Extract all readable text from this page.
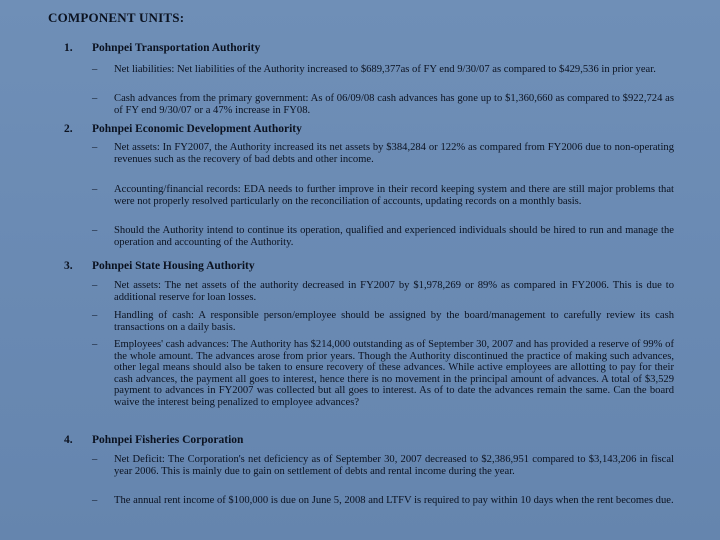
COMPONENT UNITS:
1. Pohnpei Transportation Authority
– Net liabilities: Net liabilities of the Authority increased to $689,377as of FY end 9/30/07 as compared to $429,536 in prior year.
– Cash advances from the primary government: As of 06/09/08 cash advances has gone up to $1,360,660 as compared to $922,724 as of FY end 9/30/07 or a 47% increase in FY08.
2. Pohnpei Economic Development Authority
– Net assets: In FY2007, the Authority increased its net assets by $384,284 or 122% as compared from FY2006 due to non-operating revenues such as the recovery of bad debts and other income.
– Accounting/financial records: EDA needs to further improve in their record keeping system and there are still major problems that were not properly resolved particularly on the reconciliation of accounts, updating records on a monthly basis.
– Should the Authority intend to continue its operation, qualified and experienced individuals should be hired to run and manage the operation and accounting of the Authority.
3. Pohnpei State Housing Authority
– Net assets: The net assets of the authority decreased in FY2007 by $1,978,269 or 89% as compared in FY2006. This is due to additional reserve for loan losses.
– Handling of cash: A responsible person/employee should be assigned by the board/management to carefully review its cash transactions on a daily basis.
– Employees' cash advances: The Authority has $214,000 outstanding as of September 30, 2007 and has provided a reserve of 99% of the whole amount. The advances arose from prior years. Though the Authority discontinued the practice of making such advances, other legal means should also be taken to ensure recovery of these advances. While active employees are allotting to pay for their cash advances, the payment all goes to interest, hence there is no movement in the principal amount of advances. A total of $3,529 payment to advances in FY2007 was collected but all goes to interest. As of to date the advances remain the same. Can the board waive the interest being penalized to employee advances?
4. Pohnpei Fisheries Corporation
– Net Deficit: The Corporation's net deficiency as of September 30, 2007 decreased to $2,386,951 compared to $3,143,206 in fiscal year 2006. This is mainly due to gain on settlement of debts and rental income during the year.
– The annual rent income of $100,000 is due on June 5, 2008 and LTFV is required to pay within 10 days when the rent becomes due.
